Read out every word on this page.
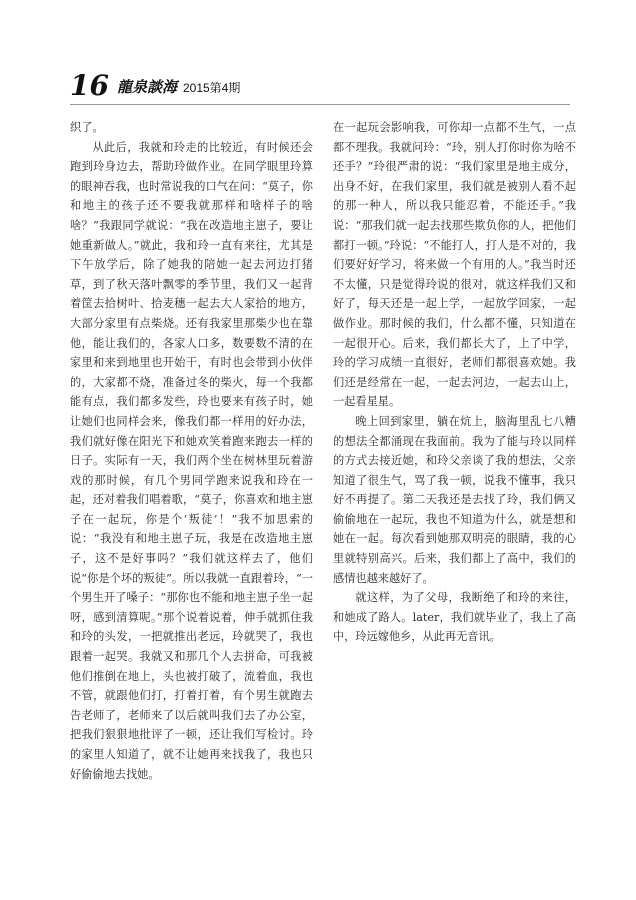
16 龍泉談海 2015第4期

织了。

从此后，我就和玲走的比较近，有时候还会跑到玲身边去，帮助玲做作业。在同学眼里玲算的眼神吞我，也时常说我的口气在问：“莫子，你和地主的孩子还不要我就那样和啥样子的啥啥？”我跟同学就说：“我在改造地主崽子，要让她重新做人。”就此，我和玲一直有来往，尤其是下午放学后，除了她我的陪她一起去河边打猪草，到了秋天落叶飘零的季节里，我们又一起背着筐去拾树叶、拾麦穗一起去大人家拾的地方，大部分家里有点柴烧。还有我家里那柴少也在靠他，能让我们的，各家人口多，数要数不清的在家里和来到地里也开始干，有时也会带到小伙伴的，大家都不烧，准备过冬的柴火，每一个我都能有点，我们都多发些，玲也要来有孩子时，她让她们也同样会来，像我们都一样用的好办法，我们就好像在阳光下和她欢笑着跑来跑去一样的日子。实际有一天，我们两个坐在树林里玩着游戏的那时候，有几个男同学跑来说我和玲在一起，还对着我们唱着歌，“莫子，你喜欢和地主崽子在一起玩，你是个‘叛徒’！”我不加思索的说：“我没有和地主崽子玩，我是在改造地主崽子，这不是好事吗？”我们就这样去了，他们说“你是个坏的叛徒”。所以我就一直跟着玲，“一个男生开了嗓子：“那你也不能和地主崽子坐一起呀，感到清算呢。”那个说着说着，伸手就抓住我和玲的头发，一把就推出老远，玲就哭了，我也跟着一起哭。我就又和那几个人去拼命，可我被他们推倒在地上，头也被打破了，流着血，我也不管，就跟他们打，打着打着，有个男生就跑去告老师了，老师来了以后就叫我们去了办公室，把我们狠狠地批评了一顿，还让我们写检讨。玲的家里人知道了，就不让她再来找我了，我也只好偷偷地去找她。

在一起玩会影响我，可你却一点都不生气，一点都不理我。我就问玲：“玲，别人打你时你为啥不还手？”玲很严肃的说：“我们家里是地主成分，出身不好，在我们家里，我们就是被别人看不起的那一种人，所以我只能忍着，不能还手。”我说：“那我们就一起去找那些欺负你的人，把他们都打一顿。”玲说：“不能打人，打人是不对的，我们要好好学习，将来做一个有用的人。”我当时还不太懂，只是觉得玲说的很对，就这样我们又和好了，每天还是一起上学，一起放学回家，一起做作业。那时候的我们，什么都不懂，只知道在一起很开心。后来，我们都长大了，上了中学，玲的学习成绩一直很好，老师们都很喜欢她。我们还是经常在一起，一起去河边，一起去山上，一起看星星。

晚上回到家里，躺在炕上，脑海里乱七八糟的想法全都涌现在我面前。我为了能与玲以同样的方式去接近她，和玲父亲谈了我的想法，父亲知道了很生气，骂了我一顿，说我不懂事，我只好不再提了。第二天我还是去找了玲，我们俩又偷偷地在一起玩，我也不知道为什么，就是想和她在一起。每次看到她那双明亮的眼睛，我的心里就特别高兴。后来，我们都上了高中，我们的感情也越来越好了。

就这样，为了父母，我断绝了和玲的来往，和她成了路人。later，我们就毕业了，我上了高中，玲远嫁他乡，从此再无音讯。
